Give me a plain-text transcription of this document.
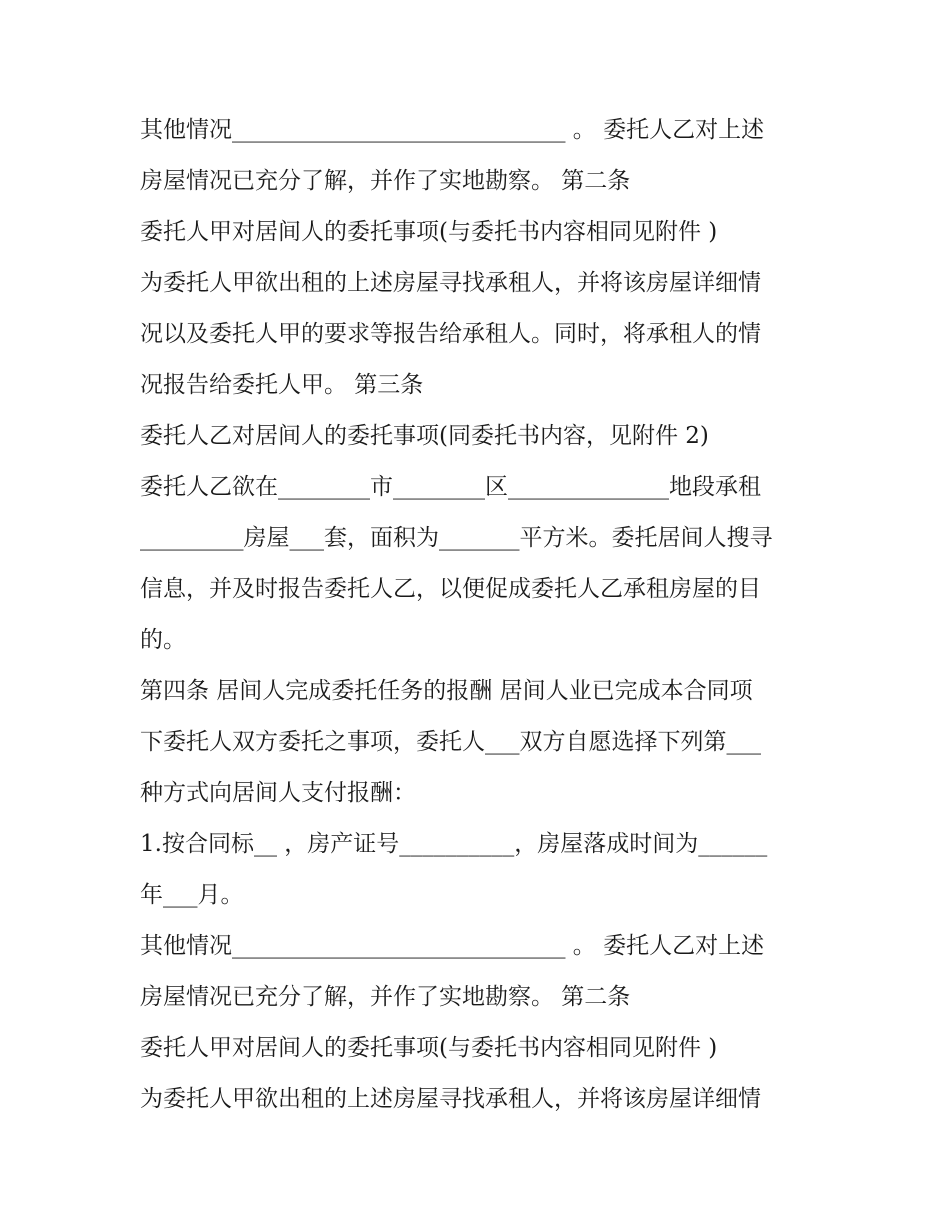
其他情况_____________________________ 。 委托人乙对上述
房屋情况已充分了解，并作了实地勘察。 第二条
委托人甲对居间人的委托事项(与委托书内容相同见附件 )
为委托人甲欲出租的上述房屋寻找承租人，并将该房屋详细情
况以及委托人甲的要求等报告给承租人。同时，将承租人的情
况报告给委托人甲。 第三条
委托人乙对居间人的委托事项(同委托书内容，见附件 2)
委托人乙欲在________市________区______________地段承租
_________房屋___套，面积为_______平方米。委托居间人搜寻
信息，并及时报告委托人乙，以便促成委托人乙承租房屋的目
的。
第四条 居间人完成委托任务的报酬 居间人业已完成本合同项
下委托人双方委托之事项，委托人___双方自愿选择下列第___
种方式向居间人支付报酬：
1.按合同标__ ，房产证号__________，房屋落成时间为______
年___月。
其他情况_____________________________ 。 委托人乙对上述
房屋情况已充分了解，并作了实地勘察。 第二条
委托人甲对居间人的委托事项(与委托书内容相同见附件 )
为委托人甲欲出租的上述房屋寻找承租人，并将该房屋详细情
